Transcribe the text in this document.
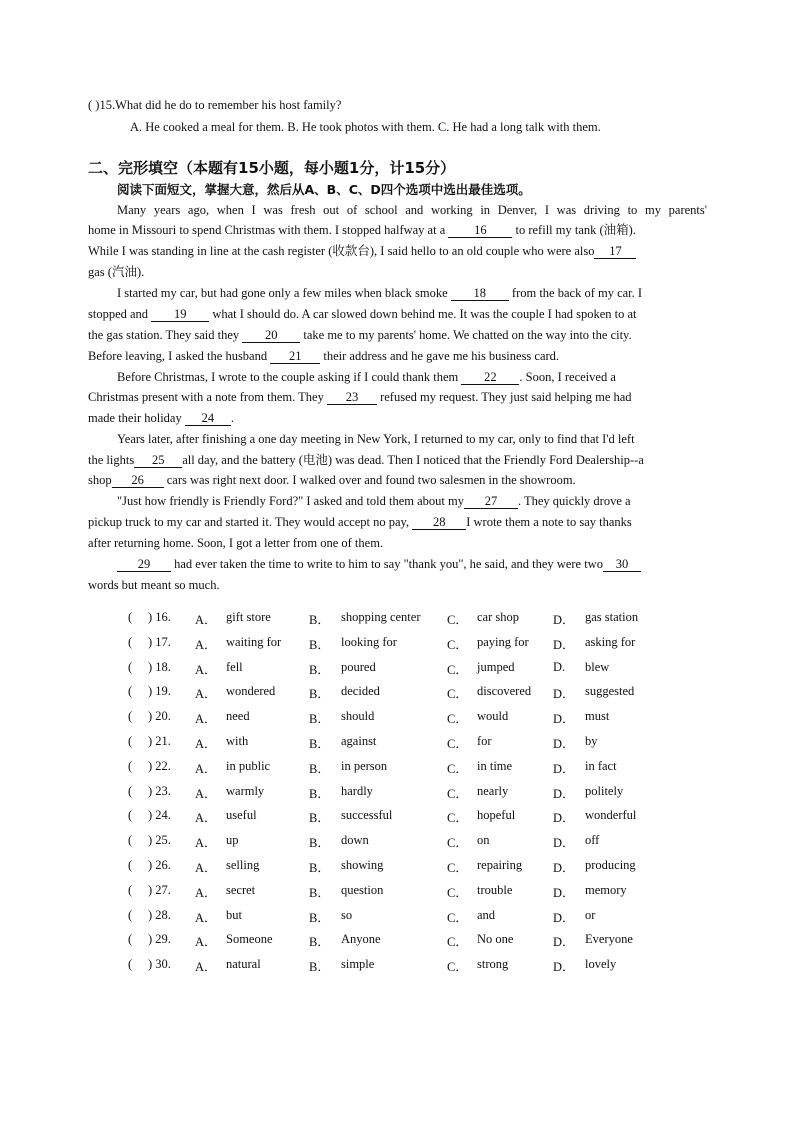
( )15.What did he do to remember his host family?
A. He cooked a meal for them. B. He took photos with them. C. He had a long talk with them.
二、完形填空（本题有15小题，每小题1分，计15分）
阅读下面短文，掌握大意，然后从A、B、C、D四个选项中选出最佳选项。
Many years ago, when I was fresh out of school and working in Denver, I was driving to my parents'
home in Missouri to spend Christmas with them. I stopped halfway at a 16 to refill my tank (油箱).
While I was standing in line at the cash register (收款台), I said hello to an old couple who were also 17
gas (汽油).
I started my car, but had gone only a few miles when black smoke 18 from the back of my car. I
stopped and 19 what I should do. A car slowed down behind me. It was the couple I had spoken to at
the gas station. They said they 20 take me to my parents' home. We chatted on the way into the city.
Before leaving, I asked the husband 21 their address and he gave me his business card.
Before Christmas, I wrote to the couple asking if I could thank them 22 . Soon, I received a
Christmas present with a note from them. They 23 refused my request. They just said helping me had
made their holiday 24 .
Years later, after finishing a one day meeting in New York, I returned to my car, only to find that I'd left
the lights 25 all day, and the battery (电池) was dead. Then I noticed that the Friendly Ford Dealership--a
shop 26 cars was right next door. I walked over and found two salesmen in the showroom.
"Just how friendly is Friendly Ford?" I asked and told them about my 27 . They quickly drove a
pickup truck to my car and started it. They would accept no pay, 28 I wrote them a note to say thanks
after returning home. Soon, I got a letter from one of them.
29 had ever taken the time to write to him to say "thank you", he said, and they were two 30
words but meant so much.
( ) 16. A． gift store	B． shopping center C． car shop	D． gas station
( ) 17. A． waiting for B． looking for	C． paying for D． asking for
( ) 18. A． fell	B． poured	C． jumped	D. blew
( ) 19. A． wondered	B． decided	C． discovered D． suggested
( ) 20. A． need	B． should	C． would	D． must
( ) 21. A． with	B． against	C． for	D． by
( ) 22. A． in public	B． in person	C． in time	D． in fact
( ) 23. A． warmly	B． hardly	C． nearly	D． politely
( ) 24. A． useful	B． successful	C． hopeful	D． wonderful
( ) 25. A． up	B． down	C． on	D． off
( ) 26. A． selling	B． showing	C． repairing D． producing
( ) 27. A． secret	B． question	C． trouble	D． memory
( ) 28. A． but	B． so	C． and	D． or
( ) 29. A． Someone	B． Anyone	C． No one	D． Everyone
( ) 30. A． natural	B． simple	C． strong	D． lovely
